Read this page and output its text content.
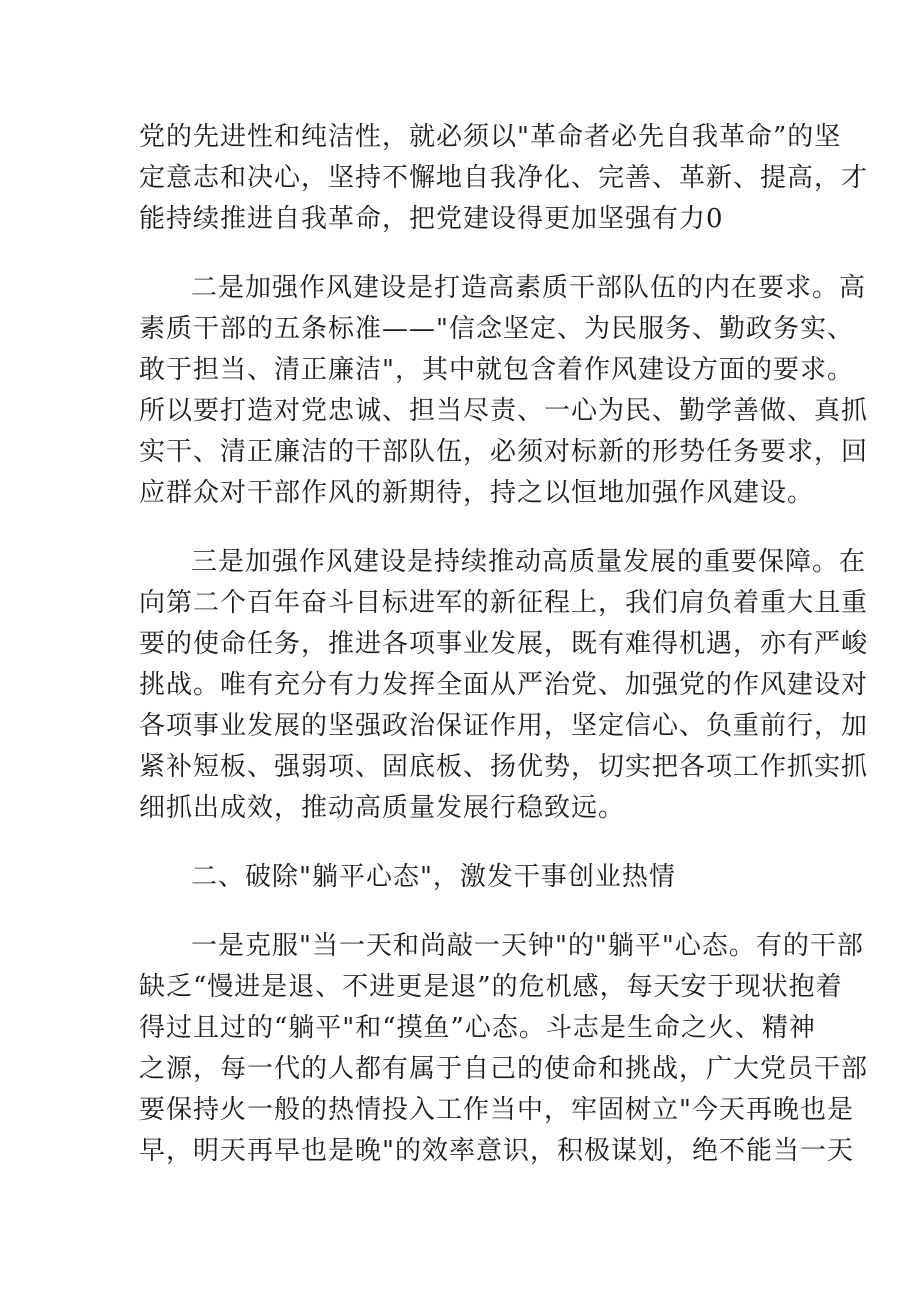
党的先进性和纯洁性，就必须以"革命者必先自我革命”的坚
定意志和决心，坚持不懈地自我净化、完善、革新、提高，才
能持续推进自我革命，把党建设得更加坚强有力0
二是加强作风建设是打造高素质干部队伍的内在要求。高
素质干部的五条标准——"信念坚定、为民服务、勤政务实、
敢于担当、清正廉洁"，其中就包含着作风建设方面的要求。
所以要打造对党忠诚、担当尽责、一心为民、勤学善做、真抓
实干、清正廉洁的干部队伍，必须对标新的形势任务要求，回
应群众对干部作风的新期待，持之以恒地加强作风建设。
三是加强作风建设是持续推动高质量发展的重要保障。在
向第二个百年奋斗目标进军的新征程上，我们肩负着重大且重
要的使命任务，推进各项事业发展，既有难得机遇，亦有严峻
挑战。唯有充分有力发挥全面从严治党、加强党的作风建设对
各项事业发展的坚强政治保证作用，坚定信心、负重前行，加
紧补短板、强弱项、固底板、扬优势，切实把各项工作抓实抓
细抓出成效，推动高质量发展行稳致远。
二、破除"躺平心态"，激发干事创业热情
一是克服"当一天和尚敲一天钟"的"躺平"心态。有的干部
缺乏“慢进是退、不进更是退”的危机感，每天安于现状抱着
得过且过的“躺平"和“摸鱼”心态。斗志是生命之火、精神
之源，每一代的人都有属于自己的使命和挑战，广大党员干部
要保持火一般的热情投入工作当中，牢固树立"今天再晚也是
早，明天再早也是晚"的效率意识，积极谋划，绝不能当一天
